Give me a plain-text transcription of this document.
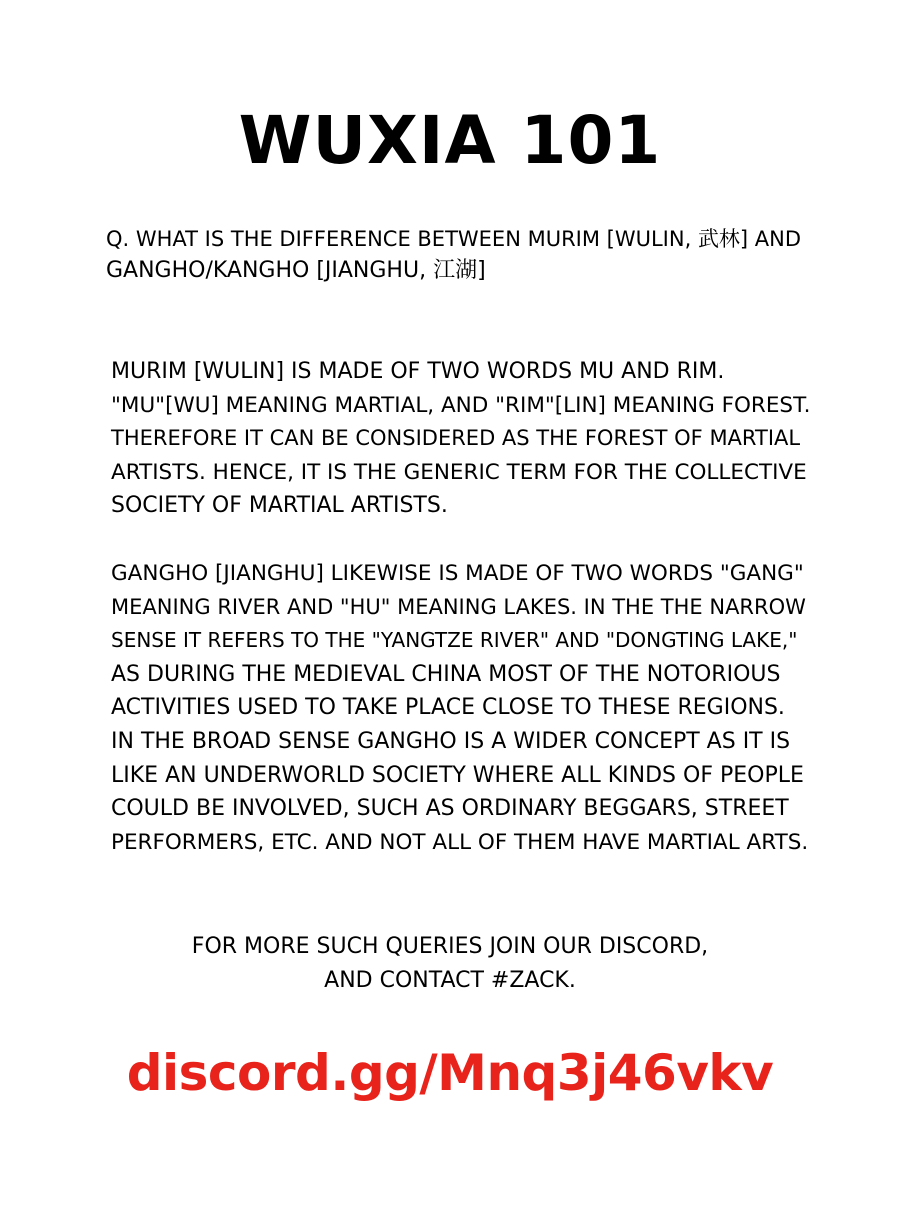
WUXIA 101
Q. WHAT IS THE DIFFERENCE BETWEEN MURIM [WULIN, 武林] AND
GANGHO/KANGHO [JIANGHU, 江湖]
MURIM [WULIN] IS MADE OF TWO WORDS MU AND RIM.
"MU"[WU] MEANING MARTIAL, AND "RIM"[LIN] MEANING FOREST.
THEREFORE IT CAN BE CONSIDERED AS THE FOREST OF MARTIAL
ARTISTS. HENCE, IT IS THE GENERIC TERM FOR THE COLLECTIVE
SOCIETY OF MARTIAL ARTISTS.
GANGHO [JIANGHU] LIKEWISE IS MADE OF TWO WORDS "GANG"
MEANING RIVER AND "HU" MEANING LAKES. IN THE THE NARROW
SENSE IT REFERS TO THE "YANGTZE RIVER" AND "DONGTING LAKE,"
AS DURING THE MEDIEVAL CHINA MOST OF THE NOTORIOUS
ACTIVITIES USED TO TAKE PLACE CLOSE TO THESE REGIONS.
IN THE BROAD SENSE GANGHO IS A WIDER CONCEPT AS IT IS
LIKE AN UNDERWORLD SOCIETY WHERE ALL KINDS OF PEOPLE
COULD BE INVOLVED, SUCH AS ORDINARY BEGGARS, STREET
PERFORMERS, ETC. AND NOT ALL OF THEM HAVE MARTIAL ARTS.
FOR MORE SUCH QUERIES JOIN OUR DISCORD,
AND CONTACT #ZACK.
discord.gg/Mnq3j46vkv
